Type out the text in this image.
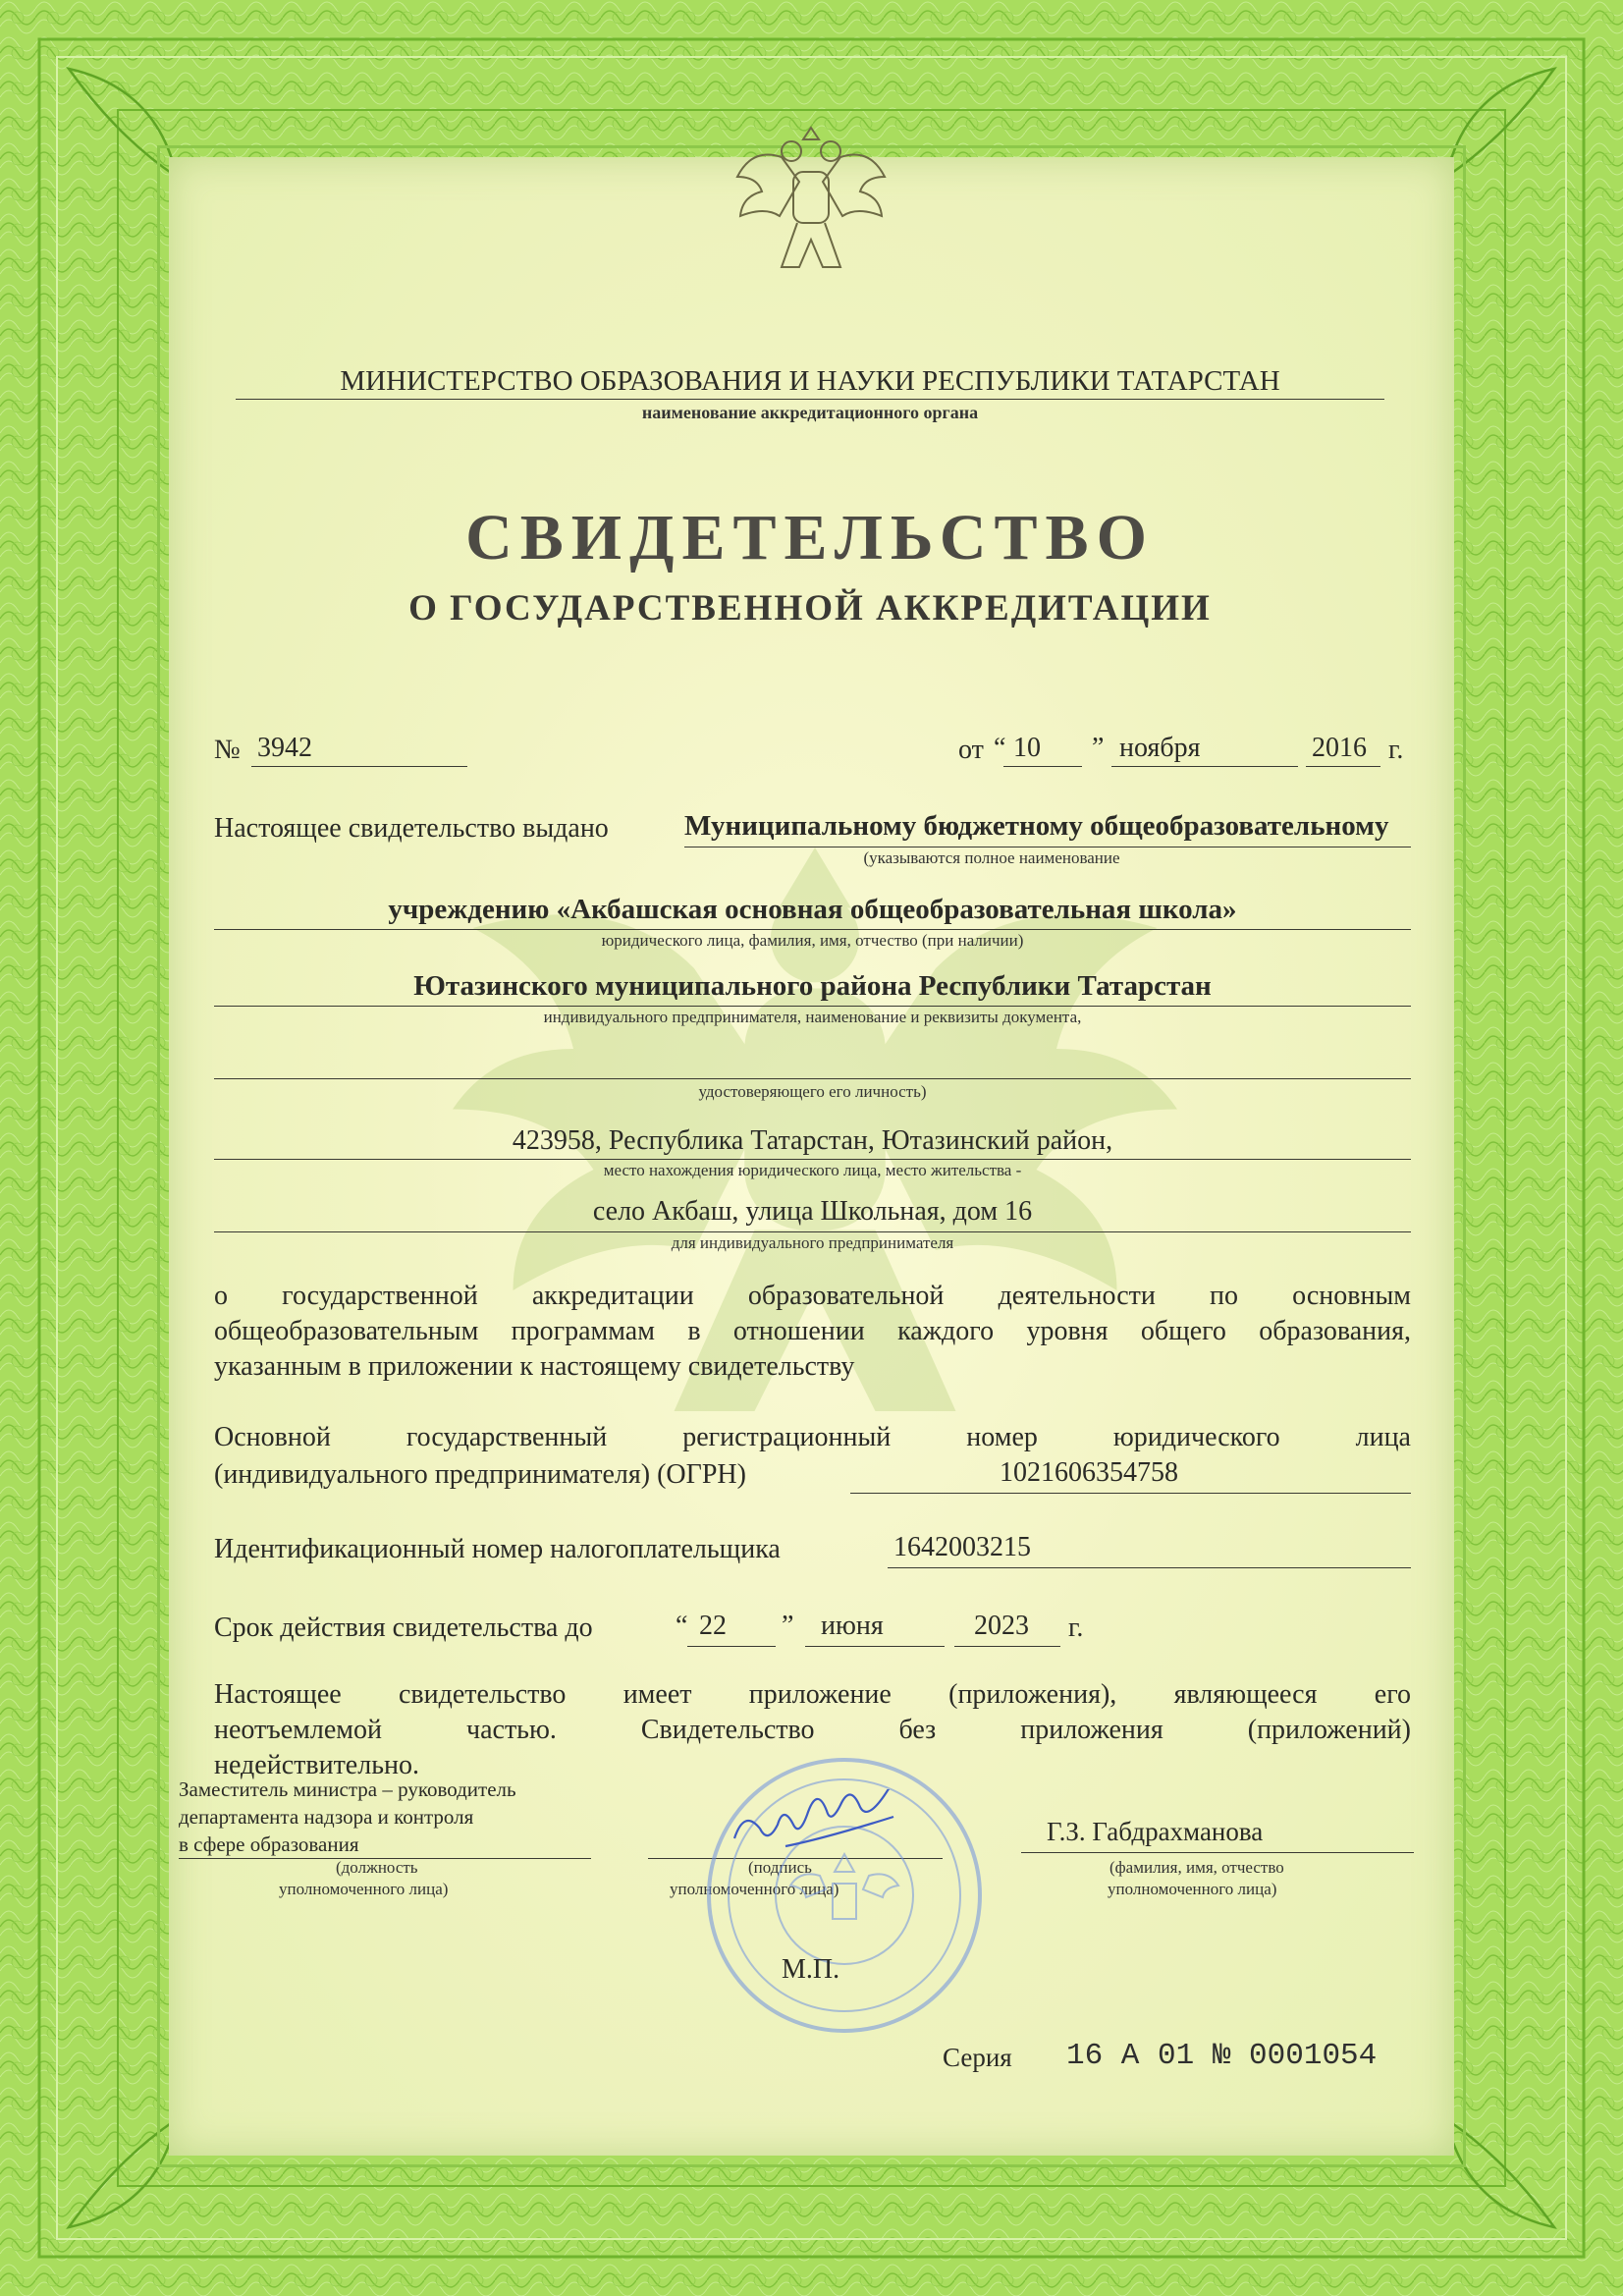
МИНИСТЕРСТВО ОБРАЗОВАНИЯ И НАУКИ РЕСПУБЛИКИ ТАТАРСТАН
наименование аккредитационного органа
СВИДЕТЕЛЬСТВО
О ГОСУДАРСТВЕННОЙ АККРЕДИТАЦИИ
№ 3942	от “ 10 ” ноября	2016 г.
Настоящее свидетельство выдано	Муниципальному бюджетному общеобразовательному
(указываются полное наименование
учреждению «Акбашская основная общеобразовательная школа»
юридического лица, фамилия, имя, отчество (при наличии)
Ютазинского муниципального района Республики Татарстан
индивидуального предпринимателя, наименование и реквизиты документа,
удостоверяющего его личность)
423958, Республика Татарстан, Ютазинский район,
место нахождения юридического лица, место жительства -
село Акбаш, улица Школьная, дом 16
для индивидуального предпринимателя
о государственной аккредитации образовательной деятельности по основным
общеобразовательным программам в отношении каждого уровня общего образования,
указанным в приложении к настоящему свидетельству
Основной государственный регистрационный номер юридического лица
(индивидуального предпринимателя) (ОГРН)	1021606354758
Идентификационный номер налогоплательщика	1642003215
Срок действия свидетельства до	“ 22 ” июня	2023 г.
Настоящее свидетельство имеет приложение (приложения), являющееся его
неотъемлемой частью. Свидетельство без приложения (приложений)
недействительно.
Заместитель министра – руководитель
департамента надзора и контроля
в сфере образования
(должность
уполномоченного лица)
(подпись
уполномоченного лица)
Г.З. Габдрахманова
(фамилия, имя, отчество
уполномоченного лица)
М.П.
Серия 16 А 01 № 0001054
